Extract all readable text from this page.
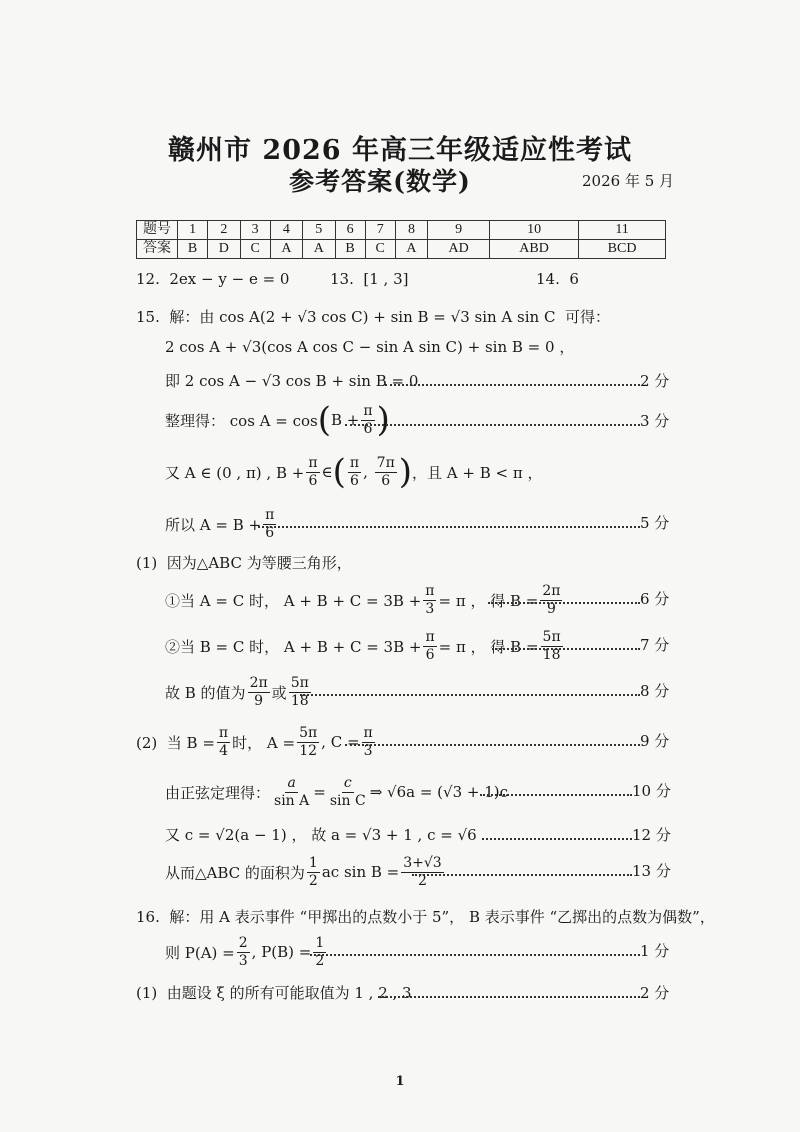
赣州市 2026 年高三年级适应性考试
参考答案(数学)	2026 年 5 月
题号	1	2	3	4	5	6	7	8	9	10	11
答案	B	D	C	A	A	B	C	A	AD	ABD	BCD
12.  2ex − y − e = 0	13.  [1 , 3]	14.  6
15.  解：由 cos A(2 + √3 cos C) + sin B = √3 sin A sin C  可得：
2 cos A + √3(cos A cos C − sin A sin C) + sin B = 0 ，
即 2 cos A − √3 cos B + sin B = 0	2 分
整理得： cos A = cos ( $B + \frac{\pi}{6}$ )	3 分
又 A ∈ (0 , π) , $B + \frac{\pi}{6}$ ∈ ( $\frac{\pi}{6}$ , $\frac{7\pi}{6}$ ) ，且 A + B < π ，
所以 $A = B + \frac{\pi}{6}$	5 分
(1)  因为△ABC 为等腰三角形，
①当 A = C 时， $A + B + C = 3B + \frac{\pi}{3} = \pi$ ， 得 $B = \frac{2\pi}{9}$	6 分
②当 B = C 时， $A + B + C = 3B + \frac{\pi}{6} = \pi$ ， 得 $B = \frac{5\pi}{18}$	7 分
故 B 的值为 $\frac{2\pi}{9}$ 或 $\frac{5\pi}{18}$	8 分
(2)  当 $B = \frac{\pi}{4}$ 时， $A = \frac{5\pi}{12}$ , $C = \frac{\pi}{3}$	9 分
由正弦定理得： $\frac{a}{\text{sin A}} = \frac{c}{\text{sin C}}$ ⇒ √6a = (√3 + 1)c	10 分
又 c = √2(a − 1) ， 故 a = √3 + 1 , c = √6	12 分
从而△ABC 的面积为 $\frac{1}{2}$ ac $\sin B = \frac{3+√3}{2}$	13 分
16.  解：用 A 表示事件 “甲掷出的点数小于 5”， B 表示事件 “乙掷出的点数为偶数”，
则 $P(A) = \frac{2}{3}$ , $P(B) = \frac{1}{2}$	1 分
(1)  由题设 ξ 的所有可能取值为 1 , 2 , 3	2 分
1
